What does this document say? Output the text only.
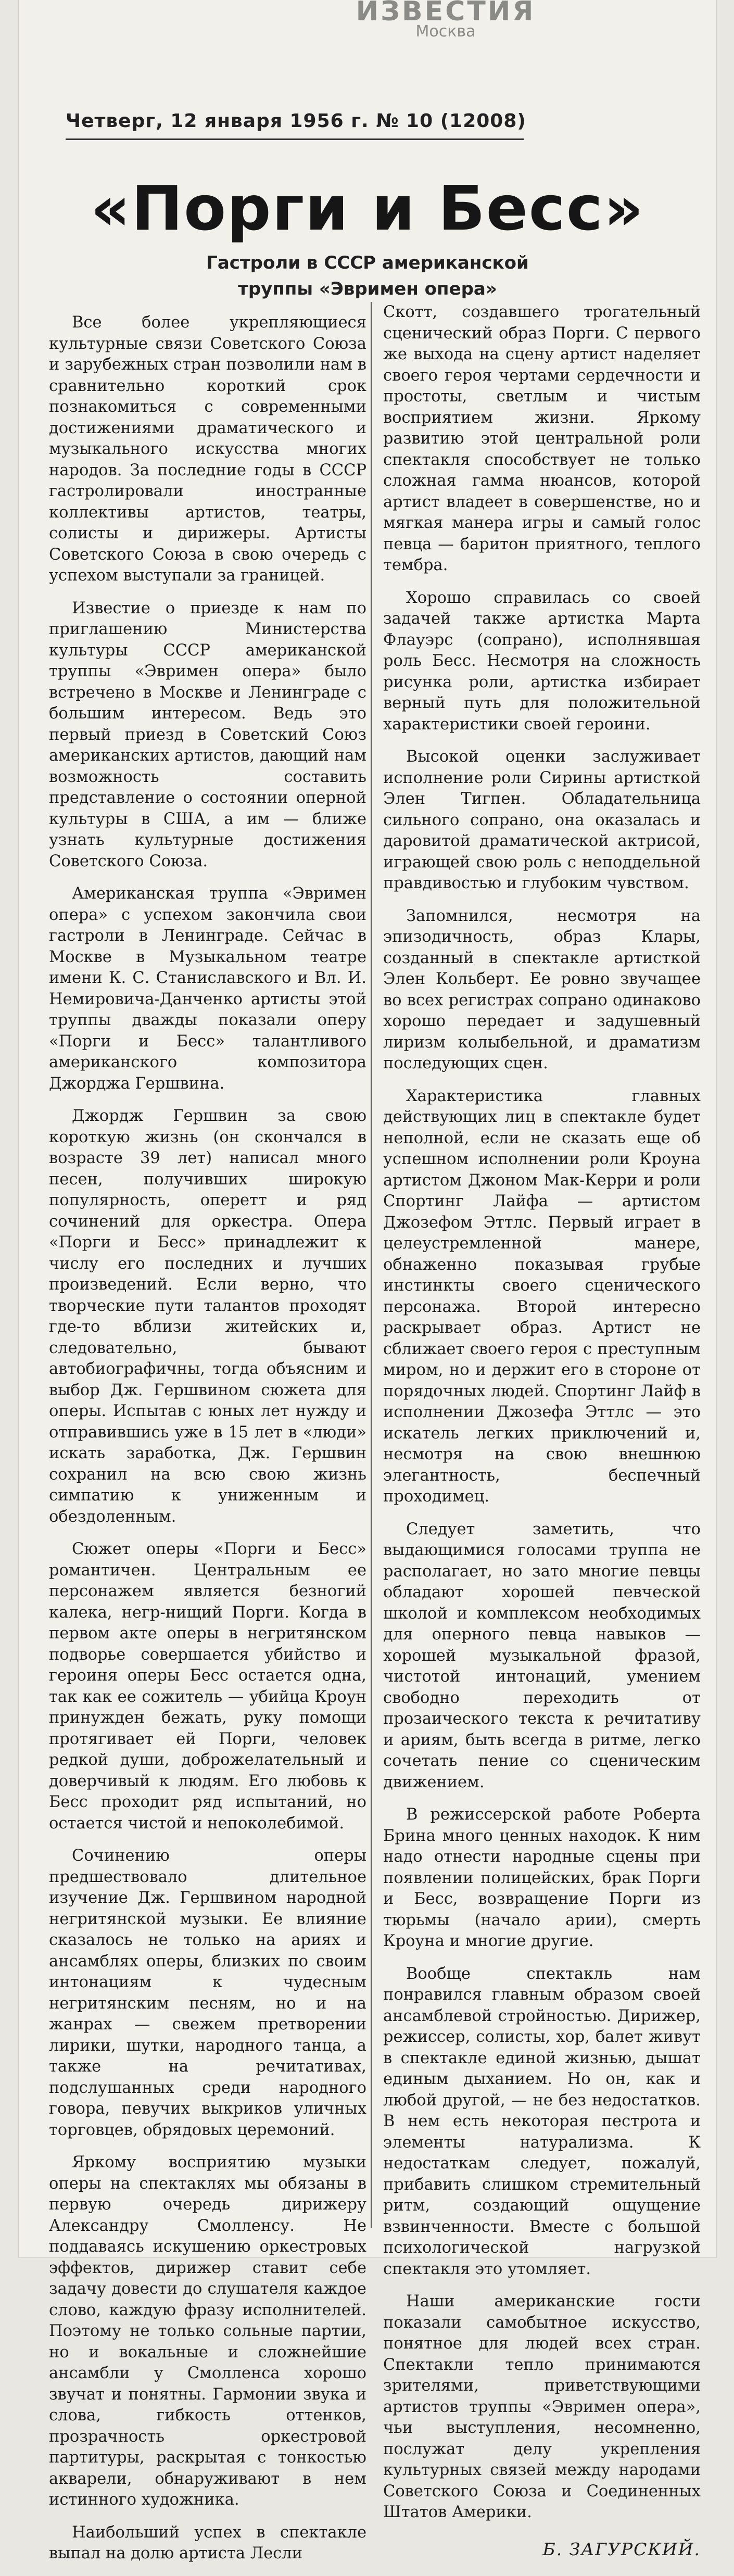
ИЗВЕСТИЯ
Москва
Четверг, 12 января 1956 г. № 10 (12008)
«Порги и Бесс»
Гастроли в СССР американской труппы «Эвримен опера»

Все более укрепляющиеся культурные связи Советского Союза и зарубежных стран позволили нам в сравнительно короткий срок познакомиться с современными достижениями драматического и музыкального искусства многих народов. За последние годы в СССР гастролировали иностранные коллективы артистов, театры, солисты и дирижеры. Артисты Советского Союза в свою очередь с успехом выступали за границей.

Известие о приезде к нам по приглашению Министерства культуры СССР американской труппы «Эвримен опера» было встречено в Москве и Ленинграде с большим интересом. Ведь это первый приезд в Советский Союз американских артистов, дающий нам возможность составить представление о состоянии оперной культуры в США, а им — ближе узнать культурные достижения Советского Союза.

Американская труппа «Эвримен опера» с успехом закончила свои гастроли в Ленинграде. Сейчас в Москве в Музыкальном театре имени К. С. Станиславского и Вл. И. Немировича-Данченко артисты этой труппы дважды показали оперу «Порги и Бесс» талантливого американского композитора Джорджа Гершвина.

Джордж Гершвин за свою короткую жизнь (он скончался в возрасте 39 лет) написал много песен, получивших широкую популярность, оперетт и ряд сочинений для оркестра. Опера «Порги и Бесс» принадлежит к числу его последних и лучших произведений. Если верно, что творческие пути талантов проходят где-то вблизи житейских и, следовательно, бывают автобиографичны, тогда объясним и выбор Дж. Гершвином сюжета для оперы. Испытав с юных лет нужду и отправившись уже в 15 лет в «люди» искать заработка, Дж. Гершвин сохранил на всю свою жизнь симпатию к униженным и обездоленным.

Сюжет оперы «Порги и Бесс» романтичен. Центральным ее персонажем является безногий калека, негр-нищий Порги. Когда в первом акте оперы в негритянском подворье совершается убийство и героиня оперы Бесс остается одна, так как ее сожитель — убийца Кроун принужден бежать, руку помощи протягивает ей Порги, человек редкой души, доброжелательный и доверчивый к людям. Его любовь к Бесс проходит ряд испытаний, но остается чистой и непоколебимой.

Сочинению оперы предшествовало длительное изучение Дж. Гершвином народной негритянской музыки. Ее влияние сказалось не только на ариях и ансамблях оперы, близких по своим интонациям к чудесным негритянским песням, но и на жанрах — свежем претворении лирики, шутки, народного танца, а также на речитативах, подслушанных среди народного говора, певучих выкриков уличных торговцев, обрядовых церемоний.

Яркому восприятию музыки оперы на спектаклях мы обязаны в первую очередь дирижеру Александру Смолленсу. Не поддаваясь искушению оркестровых эффектов, дирижер ставит себе задачу довести до слушателя каждое слово, каждую фразу исполнителей. Поэтому не только сольные партии, но и вокальные и сложнейшие ансамбли у Смолленса хорошо звучат и понятны. Гармонии звука и слова, гибкость оттенков, прозрачность оркестровой партитуры, раскрытая с тонкостью акварели, обнаруживают в нем истинного художника.

Наибольший успех в спектакле выпал на долю артиста Лесли

Скотт, создавшего трогательный сценический образ Порги. С первого же выхода на сцену артист наделяет своего героя чертами сердечности и простоты, светлым и чистым восприятием жизни. Яркому развитию этой центральной роли спектакля способствует не только сложная гамма нюансов, которой артист владеет в совершенстве, но и мягкая манера игры и самый голос певца — баритон приятного, теплого тембра.

Хорошо справилась со своей задачей также артистка Марта Флауэрс (сопрано), исполнявшая роль Бесс. Несмотря на сложность рисунка роли, артистка избирает верный путь для положительной характеристики своей героини.

Высокой оценки заслуживает исполнение роли Сирины артисткой Элен Тигпен. Обладательница сильного сопрано, она оказалась и даровитой драматической актрисой, играющей свою роль с неподдельной правдивостью и глубоким чувством.

Запомнился, несмотря на эпизодичность, образ Клары, созданный в спектакле артисткой Элен Кольберт. Ее ровно звучащее во всех регистрах сопрано одинаково хорошо передает и задушевный лиризм колыбельной, и драматизм последующих сцен.

Характеристика главных действующих лиц в спектакле будет неполной, если не сказать еще об успешном исполнении роли Кроуна артистом Джоном Мак-Керри и роли Спортинг Лайфа — артистом Джозефом Эттлс. Первый играет в целеустремленной манере, обнаженно показывая грубые инстинкты своего сценического персонажа. Второй интересно раскрывает образ. Артист не сближает своего героя с преступным миром, но и держит его в стороне от порядочных людей. Спортинг Лайф в исполнении Джозефа Эттлс — это искатель легких приключений и, несмотря на свою внешнюю элегантность, беспечный проходимец.

Следует заметить, что выдающимися голосами труппа не располагает, но зато многие певцы обладают хорошей певческой школой и комплексом необходимых для оперного певца навыков — хорошей музыкальной фразой, чистотой интонаций, умением свободно переходить от прозаического текста к речитативу и ариям, быть всегда в ритме, легко сочетать пение со сценическим движением.

В режиссерской работе Роберта Брина много ценных находок. К ним надо отнести народные сцены при появлении полицейских, брак Порги и Бесс, возвращение Порги из тюрьмы (начало арии), смерть Кроуна и многие другие.

Вообще спектакль нам понравился главным образом своей ансамблевой стройностью. Дирижер, режиссер, солисты, хор, балет живут в спектакле единой жизнью, дышат единым дыханием. Но он, как и любой другой, — не без недостатков. В нем есть некоторая пестрота и элементы натурализма. К недостаткам следует, пожалуй, прибавить слишком стремительный ритм, создающий ощущение взвинченности. Вместе с большой психологической нагрузкой спектакля это утомляет.

Наши американские гости показали самобытное искусство, понятное для людей всех стран. Спектакли тепло принимаются зрителями, приветствующими артистов труппы «Эвримен опера», чьи выступления, несомненно, послужат делу укрепления культурных связей между народами Советского Союза и Соединенных Штатов Америки.

Б. ЗАГУРСКИЙ.
